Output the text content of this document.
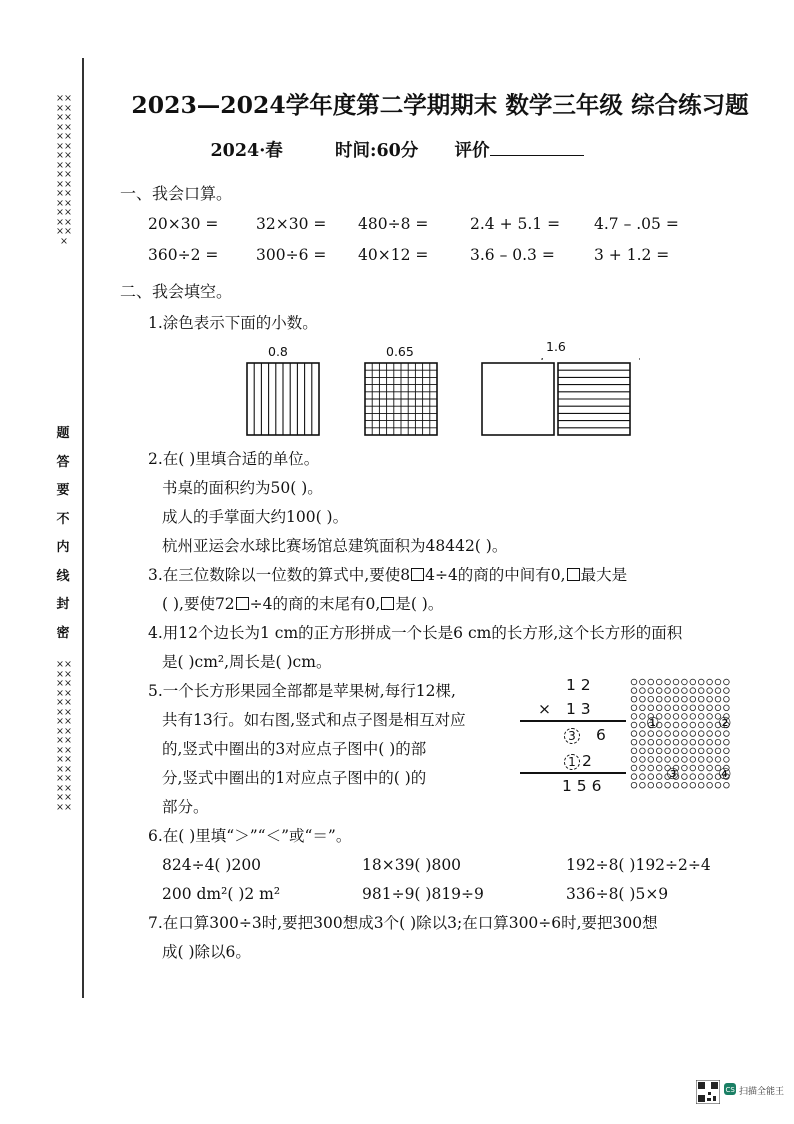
×××××××××××××××××××××××××××××××
题
答
要
不
内
线
封
密
××××××××××××××××××××××××××××××××
2023—2024学年度第二学期期末 数学三年级 综合练习题
2024·春	时间:60分 评价
一、我会口算。
20×30 = 32×30 = 480÷8 =	2.4 + 5.1 = 4.7 – .05 =
360÷2 = 300÷6 = 40×12 =	3.6 – 0.3 =	3 + 1.2 =
二、我会填空。
1.涂色表示下面的小数。
0.8	0.65	1.6
2.在( )里填合适的单位。
书桌的面积约为50( )。
成人的手掌面大约100( )。
杭州亚运会水球比赛场馆总建筑面积为48442( )。
3.在三位数除以一位数的算式中,要使8 4÷4的商的中间有0, 最大是
( ),要使72 ÷4的商的末尾有0, 是( )。
4.用12个边长为1 cm的正方形拼成一个长是6 cm的长方形,这个长方形的面积
是( )cm²,周长是( )cm。
5.一个长方形果园全部都是苹果树,每行12棵,
共有13行。如右图,竖式和点子图是相互对应
的,竖式中圈出的3对应点子图中( )的部
分,竖式中圈出的1对应点子图中的( )的
部分。
1 2
× 1 3
3 6
1 2
1 5 6
①	②
③	④
6.在( )里填“＞”“＜”或“＝”。
824÷4( )200	18×39( )800	192÷8( )192÷2÷4
200 dm²( )2 m²	981÷9( )819÷9	336÷8( )5×9
7.在口算300÷3时,要把300想成3个( )除以3;在口算300÷6时,要把300想
成( )除以6。
CS 扫描全能王
